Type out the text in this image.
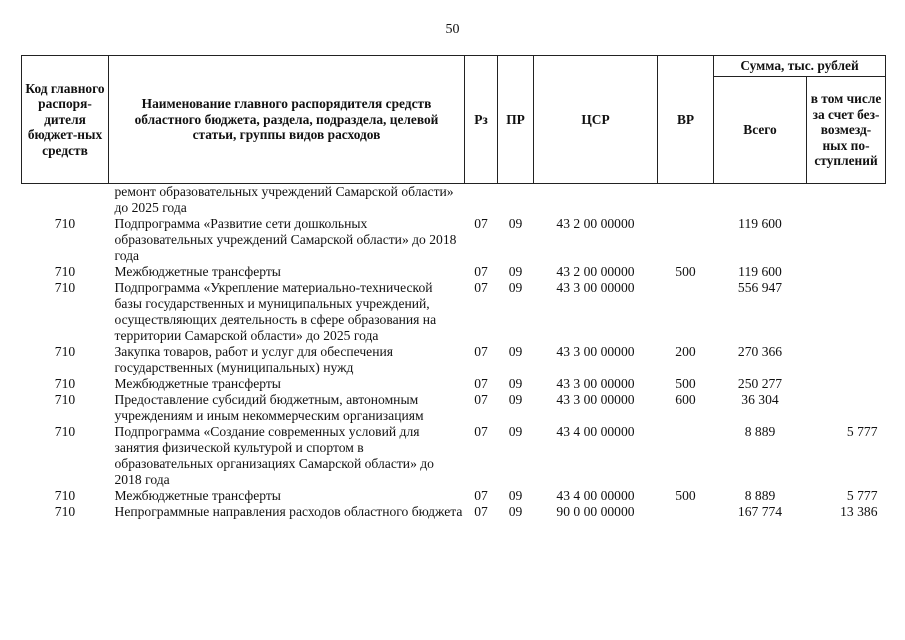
50
Код главного распоря-дителя бюджет-ных средств	Наименование главного распорядителя средств областного бюджета, раздела, подраздела, целевой статьи, группы видов расходов	Рз	ПР	ЦСР	ВР	Сумма, тыс. рублей	
						Всего	в том числе за счет без-возмезд-ных по-ступлений
	ремонт образовательных учреждений Самарской области» до 2025 года						
710	Подпрограмма «Развитие сети дошкольных образовательных учреждений Самарской области» до 2018 года	07	09	43 2 00 00000		119 600	
710	Межбюджетные трансферты	07	09	43 2 00 00000	500	119 600	
710	Подпрограмма «Укрепление материально-технической базы государственных и муниципальных учреждений, осуществляющих деятельность в сфере образования на территории Самарской области» до 2025 года	07	09	43 3 00 00000		556 947	
710	Закупка товаров, работ и услуг для обеспечения государственных (муниципальных) нужд	07	09	43 3 00 00000	200	270 366	
710	Межбюджетные трансферты	07	09	43 3 00 00000	500	250 277	
710	Предоставление субсидий бюджетным, автономным учреждениям и иным некоммерческим организациям	07	09	43 3 00 00000	600	36 304	
710	Подпрограмма «Создание современных условий для занятия физической культурой и спортом в образовательных организациях Самарской области» до 2018 года	07	09	43 4 00 00000		8 889	5 777
710	Межбюджетные трансферты	07	09	43 4 00 00000	500	8 889	5 777
710	Непрограммные направления расходов областного бюджета	07	09	90 0 00 00000		167 774	13 386
